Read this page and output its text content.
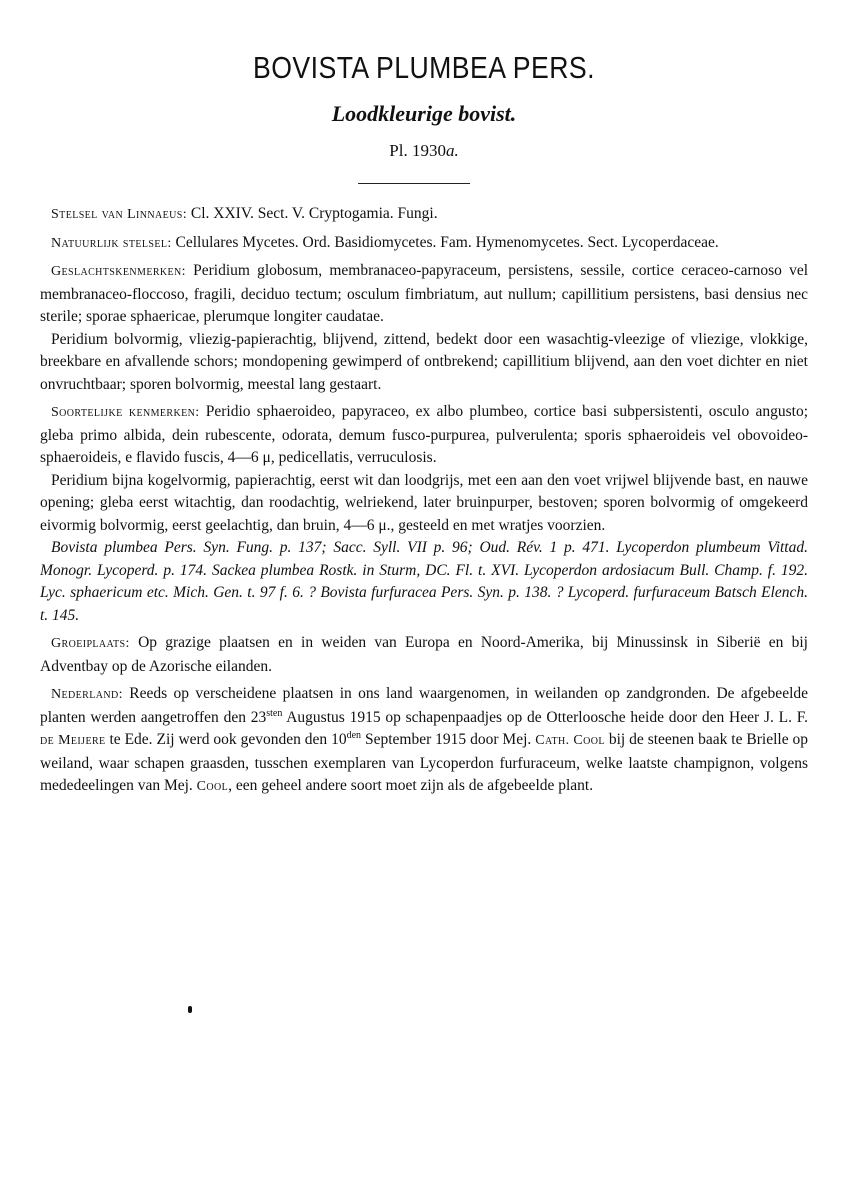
BOVISTA PLUMBEA PERS.
Loodkleurige bovist.
Pl. 1930a.

Stelsel van Linnaeus: Cl. XXIV. Sect. V. Cryptogamia. Fungi.

Natuurlijk stelsel: Cellulares Mycetes. Ord. Basidiomycetes. Fam. Hymenomycetes. Sect. Lycoperdaceae.

Geslachtskenmerken: Peridium globosum, membranaceo-papyraceum, persistens, sessile, cortice ceraceo-carnoso vel membranaceo-floccoso, fragili, deciduo tectum; osculum fimbriatum, aut nullum; capillitium persistens, basi densius nec sterile; sporae sphaericae, plerumque longiter caudatae.

Peridium bolvormig, vliezig-papierachtig, blijvend, zittend, bedekt door een wasachtig-vleezige of vliezige, vlokkige, breekbare en afvallende schors; mondopening gewimperd of ontbrekend; capillitium blijvend, aan den voet dichter en niet onvruchtbaar; sporen bolvormig, meestal lang gestaart.

Soortelijke kenmerken: Peridio sphaeroideo, papyraceo, ex albo plumbeo, cortice basi subpersistenti, osculo angusto; gleba primo albida, dein rubescente, odorata, demum fusco-purpurea, pulverulenta; sporis sphaeroideis vel obovoideo-sphaeroideis, e flavido fuscis, 4—6 μ, pedicellatis, verruculosis.

Peridium bijna kogelvormig, papierachtig, eerst wit dan loodgrijs, met een aan den voet vrijwel blijvende bast, en nauwe opening; gleba eerst witachtig, dan roodachtig, welriekend, later bruinpurper, bestoven; sporen bolvormig of omgekeerd eivormig bolvormig, eerst geelachtig, dan bruin, 4—6 μ., gesteeld en met wratjes voorzien.

Bovista plumbea Pers. Syn. Fung. p. 137; Sacc. Syll. VII p. 96; Oud. Rév. 1 p. 471. Lycoperdon plumbeum Vittad. Monogr. Lycoperd. p. 174. Sackea plumbea Rostk. in Sturm, DC. Fl. t. XVI. Lycoperdon ardosiacum Bull. Champ. f. 192. Lyc. sphaericum etc. Mich. Gen. t. 97 f. 6. ? Bovista furfuracea Pers. Syn. p. 138. ? Lycoperd. furfuraceum Batsch Elench. t. 145.

Groeiplaats: Op grazige plaatsen en in weiden van Europa en Noord-Amerika, bij Minussinsk in Siberië en bij Adventbay op de Azorische eilanden.

Nederland: Reeds op verscheidene plaatsen in ons land waargenomen, in weilanden op zandgronden. De afgebeelde planten werden aangetroffen den $23^{sten}$ Augustus 1915 op schapenpaadjes op de Otterloosche heide door den Heer J. L. F. de Meijere te Ede. Zij werd ook gevonden den $10^{den}$ September 1915 door Mej. Cath. Cool bij de steenen baak te Brielle op weiland, waar schapen graasden, tusschen exemplaren van Lycoperdon furfuraceum, welke laatste champignon, volgens mededeelingen van Mej. Cool, een geheel andere soort moet zijn als de afgebeelde plant.
